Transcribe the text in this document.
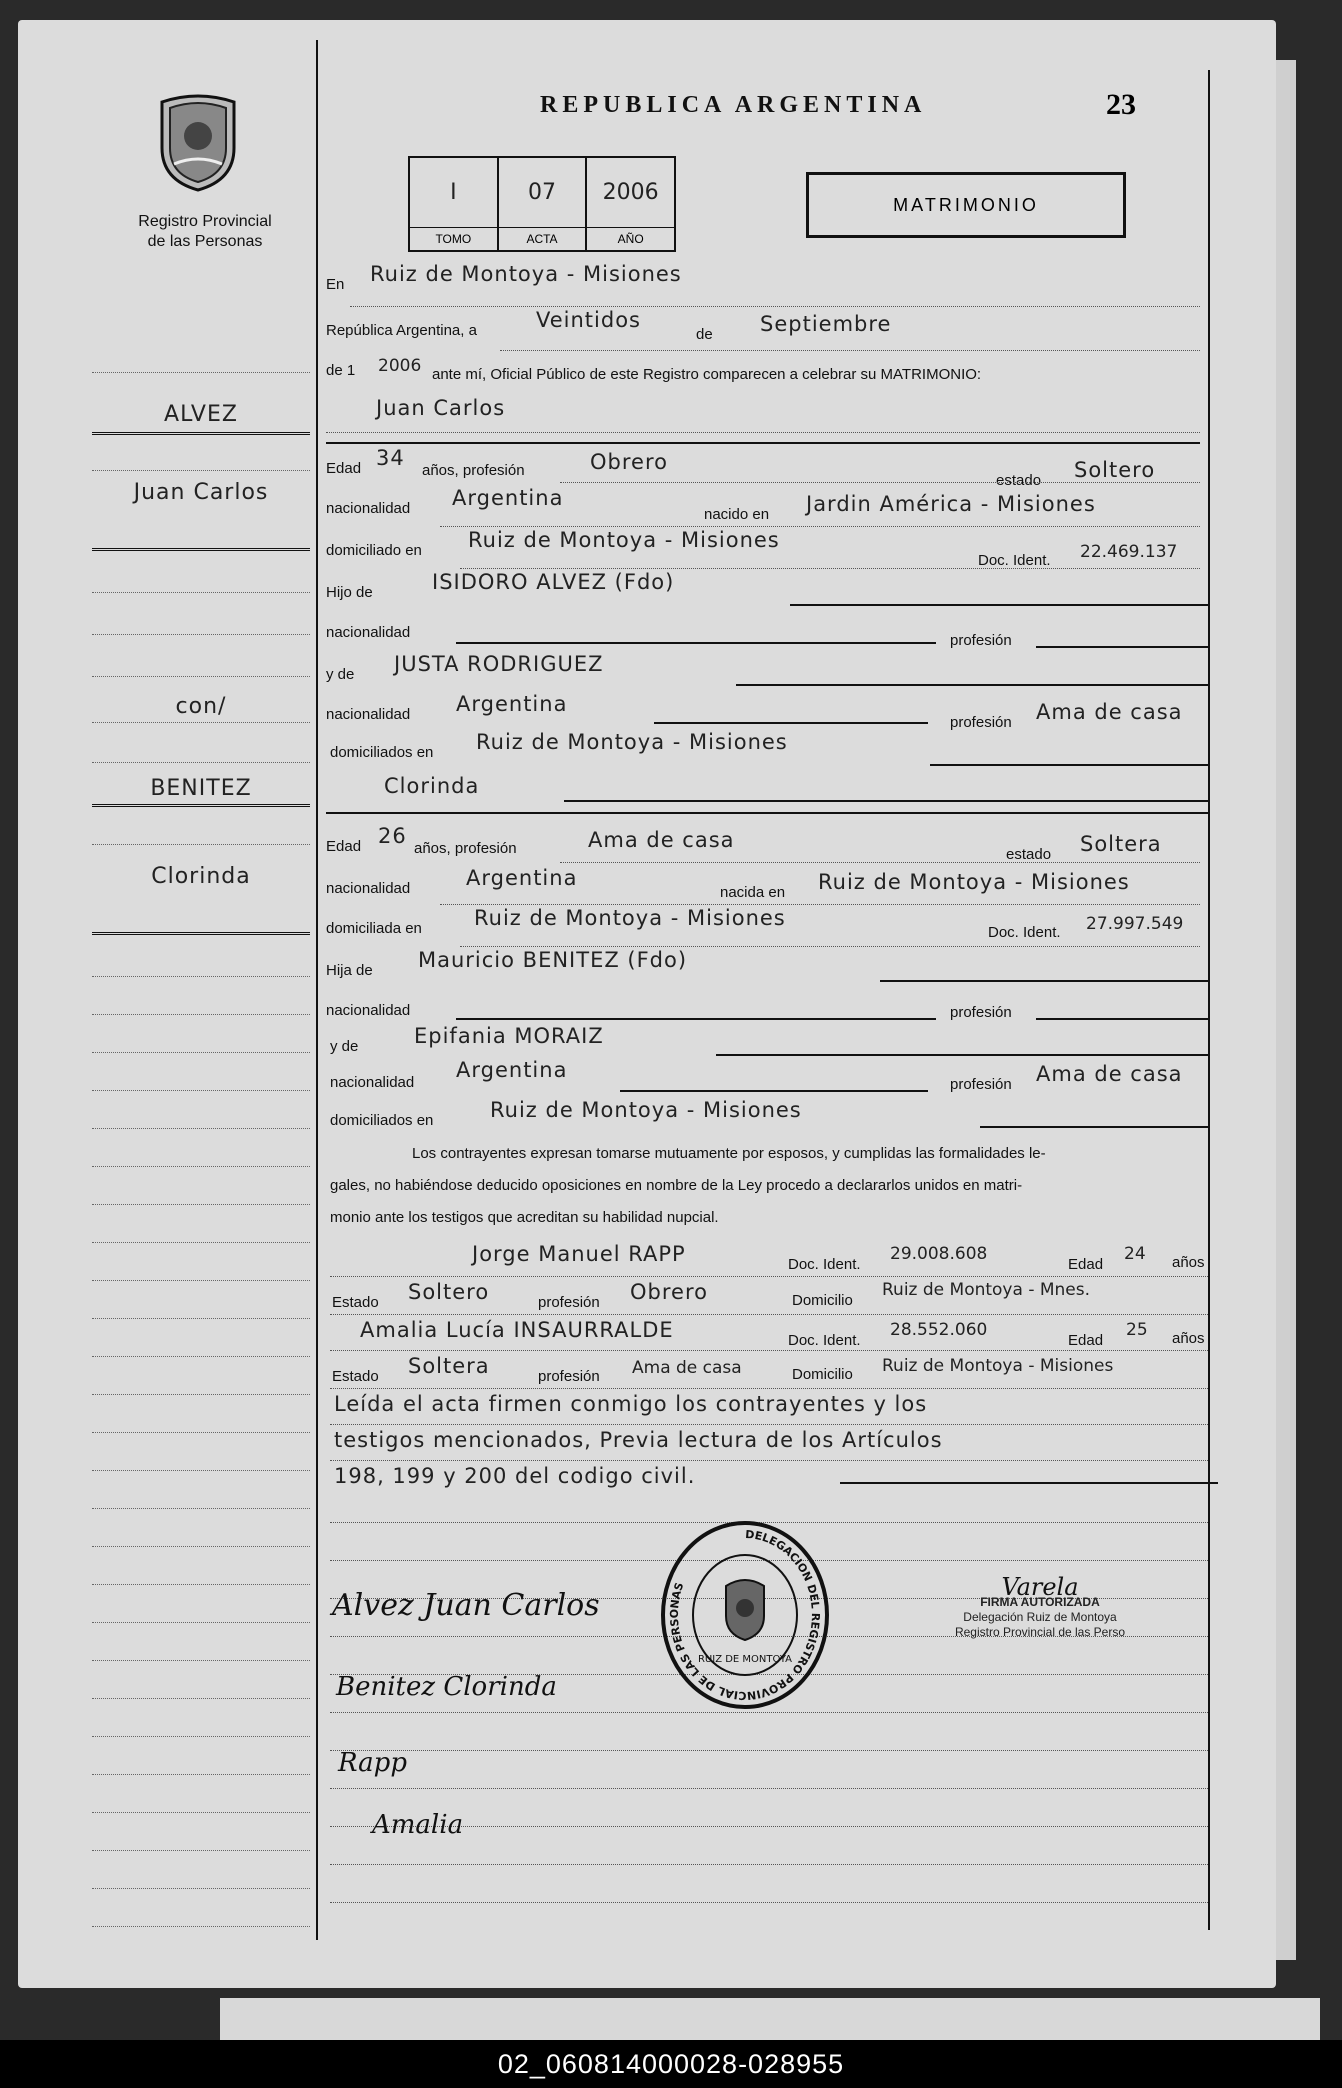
Registro Provincial
de las Personas
REPUBLICA ARGENTINA	23
I
TOMO
07
ACTA
2006
AÑO
MATRIMONIO
En Ruiz de Montoya - Misiones
República Argentina, a	Veintidos
de Septiembre
de 1 2006 ante mí, Oficial Público de este Registro comparecen a celebrar su MATRIMONIO:
Juan Carlos
Edad 34
años, profesión	Obrero
estado Soltero
nacionalidad Argentina
nacido en Jardin América - Misiones
domiciliado en Ruiz de Montoya - Misiones
Doc. Ident. 22.469.137
Hijo de	ISIDORO ALVEZ (Fdo)
nacionalidad	profesión
y de JUSTA RODRIGUEZ
nacionalidad Argentina
profesión Ama de casa
domiciliados en Ruiz de Montoya - Misiones
Clorinda
Edad 26
años, profesión	Ama de casa
estado Soltera
nacionalidad	Argentina
nacida en Ruiz de Montoya - Misiones
domiciliada en Ruiz de Montoya - Misiones
Doc. Ident. 27.997.549
Hija de Mauricio BENITEZ (Fdo)
nacionalidad	profesión
y de	Epifania MORAIZ
nacionalidad
Argentina
profesión Ama de casa
domiciliados en	Ruiz de Montoya - Misiones
Los contrayentes expresan tomarse mutuamente por esposos, y cumplidas las formalidades le-
gales, no habiéndose deducido oposiciones en nombre de la Ley procedo a declararlos unidos en matri-
monio ante los testigos que acreditan su habilidad nupcial.
Jorge Manuel RAPP	Doc. Ident.
29.008.608
Edad
24 años
Estado Soltero	profesión Obrero	Domicilio
Ruiz de Montoya - Mnes.
Amalia Lucía INSAURRALDE	Doc. Ident.
28.552.060
Edad
25 años
Estado Soltera	profesión Ama de casa	Domicilio Ruiz de Montoya - Misiones
Leída el acta firmen conmigo los contrayentes y los
testigos mencionados, Previa lectura de los Artículos
198, 199 y 200 del codigo civil.
DELEGACION DEL REGISTRO PROVINCIAL DE LAS PERSONAS
RUIZ DE MONTOYA
Varela
FIRMA AUTORIZADA
Delegación Ruiz de Montoya
Registro Provincial de las Perso
Alvez Juan Carlos
Benitez Clorinda
Rapp
Amalia
ALVEZ
Juan Carlos
con/
BENITEZ
Clorinda
02_060814000028-028955
